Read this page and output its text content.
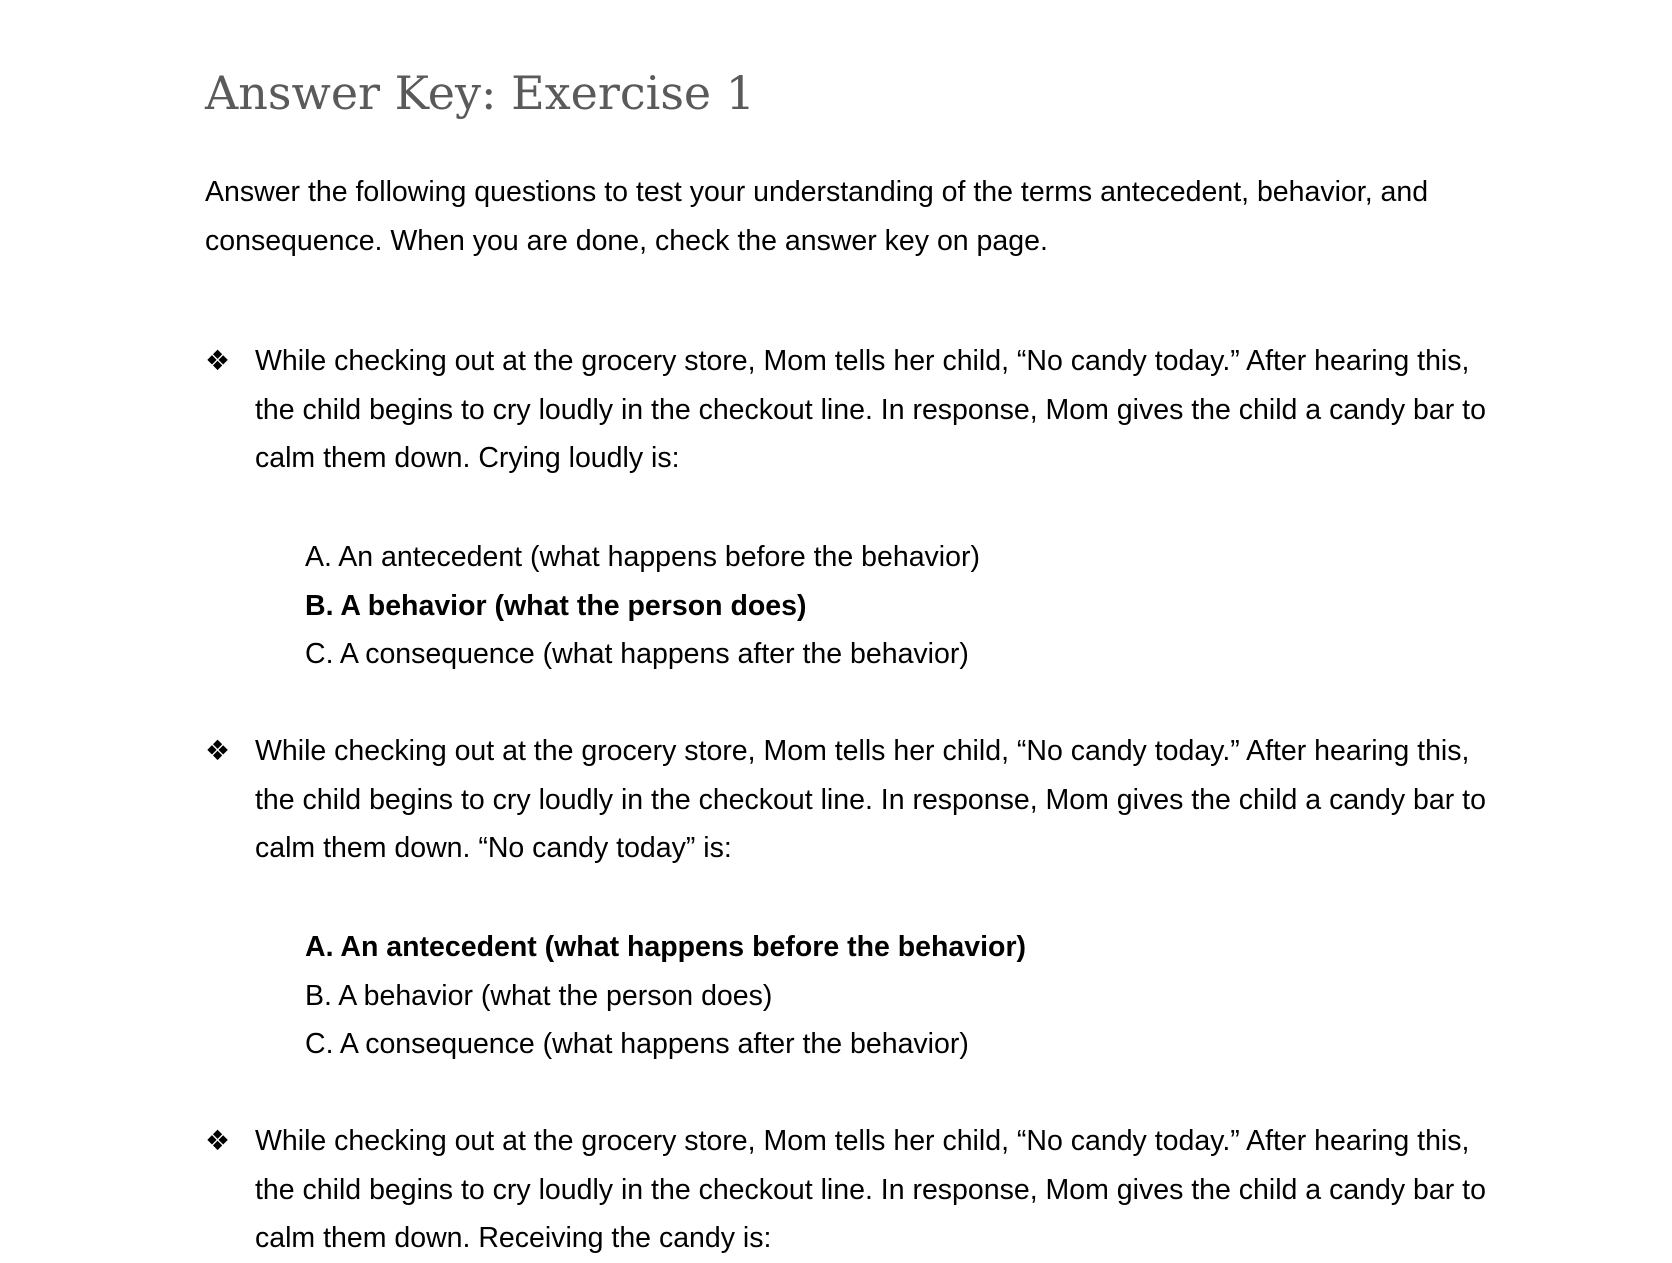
Answer Key: Exercise 1

Answer the following questions to test your understanding of the terms antecedent, behavior, and consequence. When you are done, check the answer key on page.

❖ While checking out at the grocery store, Mom tells her child, “No candy today.” After hearing this, the child begins to cry loudly in the checkout line. In response, Mom gives the child a candy bar to calm them down. Crying loudly is:

A. An antecedent (what happens before the behavior)
B. A behavior (what the person does)
C. A consequence (what happens after the behavior)
❖ While checking out at the grocery store, Mom tells her child, “No candy today.” After hearing this, the child begins to cry loudly in the checkout line. In response, Mom gives the child a candy bar to calm them down. “No candy today” is:

A. An antecedent (what happens before the behavior)
B. A behavior (what the person does)
C. A consequence (what happens after the behavior)
❖ While checking out at the grocery store, Mom tells her child, “No candy today.” After hearing this, the child begins to cry loudly in the checkout line. In response, Mom gives the child a candy bar to calm them down. Receiving the candy is:
